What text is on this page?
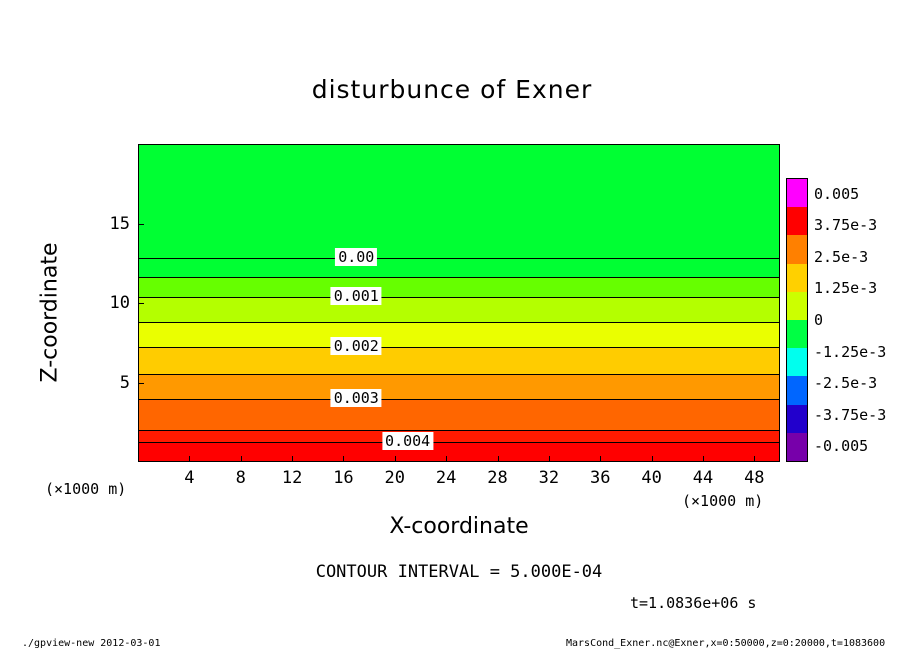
disturbunce of Exner
Z-coordinate
X-coordinate
(×1000 m)
(×1000 m)
CONTOUR INTERVAL = 5.000E-04
t=1.0836e+06 s
./gpview-new 2012-03-01	MarsCond_Exner.nc@Exner,x=0:50000,z=0:20000,t=1083600
0.004
0.003
0.002
0.001
0.00
4 8 12 16 20 24 28 32 36 40 44 48
5
10
15
0.005
3.75e-3
2.5e-3
1.25e-3
0
-1.25e-3
-2.5e-3
-3.75e-3
-0.005
